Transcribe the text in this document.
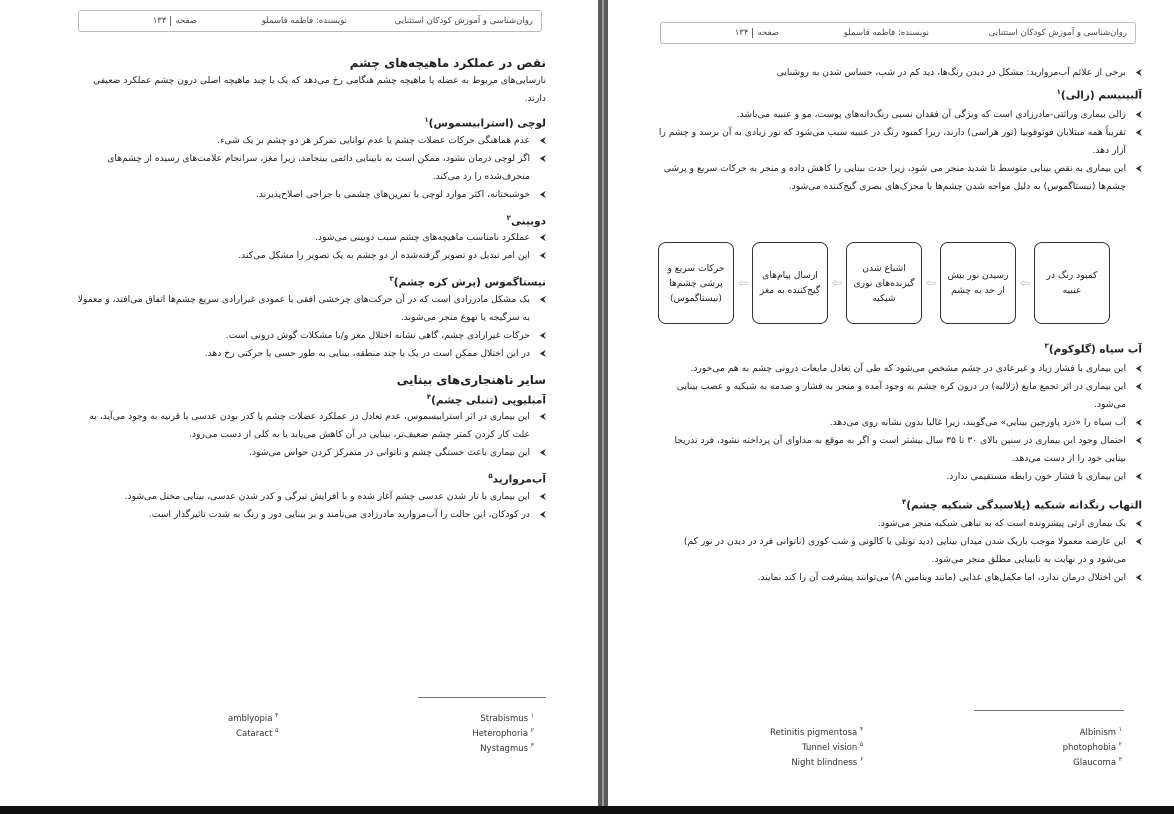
روان‌شناسی و آموزش کودکان استثنایی
نویسنده: فاطمه قاسملو
صفحه
۱۳۳
نقص در عملکرد ماهیچه‌های چشم

نارسایی‌های مربوط به عضله یا ماهیچه چشم هنگامی رخ می‌دهد که یک یا چند ماهیچه اصلی درون چشم عملکرد ضعیفی دارند.

لوچی (استرابیسموس)$^۱$
⮜
عدم هماهنگی حرکات عضلات چشم یا عدم توانایی تمرکز هر دو چشم بر یک شیء.
⮜
اگر لوچی درمان نشود، ممکن است به نابینایی دائمی بینجامد، زیرا مغز، سرانجام علامت‌های رسیده از چشم‌های منحرف‌شده را رد می‌کند.
⮜
خوشبختانه، اکثر موارد لوچی با تمرین‌های چشمی یا جراحی اصلاح‌پذیرند.
دوبینی$^۲$
⮜
عملکرد نامناسب ماهیچه‌های چشم سبب دوبینی می‌شود.
⮜
این امر تبدیل دو تصویر گرفته‌شده از دو چشم به یک تصویر را مشکل می‌کند.
نیستاگموس (پرش کره چشم)$^۳$
⮜
یک مشکل مادرزادی است که در آن حرکت‌های چرخشی افقی یا عمودی غیرارادی سریع چشم‌ها اتفاق می‌افتد، و معمولا به سرگیجه یا تهوع منجر می‌شوند.
⮜
حرکات غیرارادی چشم، گاهی نشانه اختلال مغز و/یا مشکلات گوش درونی است.
⮜
در این اختلال ممکن است در یک یا چند منطقه، بینایی به طور حسی یا حرکتی رخ دهد.
سایر ناهنجاری‌های بینایی
آمبلیوپی (تنبلی چشم)$^۴$
⮜
این بیماری در اثر استرابیسموس، عدم تعادل در عملکرد عضلات چشم یا کدر بودن عدسی یا قرنیه به وجود می‌آید، به علت کار کردن کمتر چشم ضعیف‌تر، بینایی در آن کاهش می‌یابد یا به کلی از دست می‌رود.
⮜
این بیماری باعث خستگی چشم و ناتوانی در متمرکز کردن حواس می‌شود.
آب‌مروارید$^۵$
⮜
این بیماری با تار شدن عدسی چشم آغاز شده و با افزایش تیرگی و کدر شدن عدسی، بینایی مختل می‌شود.
⮜
در کودکان، این حالت را آب‌مروارید مادرزادی می‌نامند و بر بینایی دور و رنگ به شدت تاثیرگذار است.
amblyopia $^۴$
Cataract $^۵$
Strabismus $^۱$
Heterophoria $^۲$
Nystagmus $^۳$
روان‌شناسی و آموزش کودکان استثنایی
نویسنده: فاطمه قاسملو
صفحه
۱۳۴
⮜
برخی از علائم آب‌مروارید: مشکل در دیدن رنگ‌ها، دید کم در شب، حساس شدن به روشنایی
آلبینیسم (زالی)$^۱$
⮜
زالی بیماری وراثتی-مادرزادی است که ویژگی آن فقدان نسبی رنگ‌دانه‌های پوست، مو و عنبیه می‌باشد.
⮜
تقریباً همه مبتلایان فوتوفوبیا (نور هراسی) دارند، زیرا کمبود رنگ در عنبیه سبب می‌شود که نور زیادی به آن برسد و چشم را آزار دهد.
⮜
این بیماری به نقص بینایی متوسط تا شدید منجر می شود، زیرا حدت بینایی را کاهش داده و منجر به حرکات سریع و پرشی چشم‌ها (نیستاگموس) به دلیل مواجه شدن چشم‌ها با محرک‌های بصری گیج‌کننده می‌شود.
کمبود رنگ در عنبیه
⇦
رسیدن نور بیش از حد به چشم
⇦
اشباع شدن گیرنده‌های نوری شبکیه
⇦
ارسال پیام‌های گیج‌کننده به مغز
⇦
حرکات سریع و پرشی چشم‌ها (نیستاگموس)
آب سیاه (گلوکوم)$^۳$
⮜
این بیماری با فشار زیاد و غیرعادی در چشم مشخص می‌شود که طی آن تعادل مایعات درونی چشم به هم می‌خورد.
⮜
این بیماری در اثر تجمع مایع (زلالیه) در درون کره چشم به وجود آمده و منجر به فشار و صدمه به شبکیه و عصب بینایی می‌شود.
⮜
آب سیاه را «دزد پاورچین بینایی» می‌گویند، زیرا غالبا بدون نشانه روی می‌دهد.
⮜
احتمال وجود این بیماری در سنین بالای ۳۰ تا ۳۵ سال بیشتر است و اگر به موقع به مداوای آن پرداخته نشود، فرد تدریجا بینایی خود را از دست می‌دهد.
⮜
این بیماری با فشار خون رابطه مستقیمی ندارد.
التهاب رنگدانه شبکیه (پلاسیدگی شبکیه چشم)$^۴$
⮜
یک بیماری ارثی پیشرونده است که به تباهی شبکیه منجر می‌شود.
⮜
این عارضه معمولا موجب باریک شدن میدان بینایی (دید تونلی یا کالونی و شب کوری (ناتوانی فرد در دیدن در نور کم) می‌شود و در نهایت به نابینایی مطلق منجر می‌شود.
⮜
این اختلال درمان ندارد، اما مکمل‌های غذایی (مانند ویتامین A) می‌توانند پیشرفت آن را کند نمایند.
Retinitis pigmentosa $^۴$
Tunnel vision $^۵$
Night blindness $^۶$
Albinism $^۱$
photophobia $^۲$
Glaucoma $^۳$
